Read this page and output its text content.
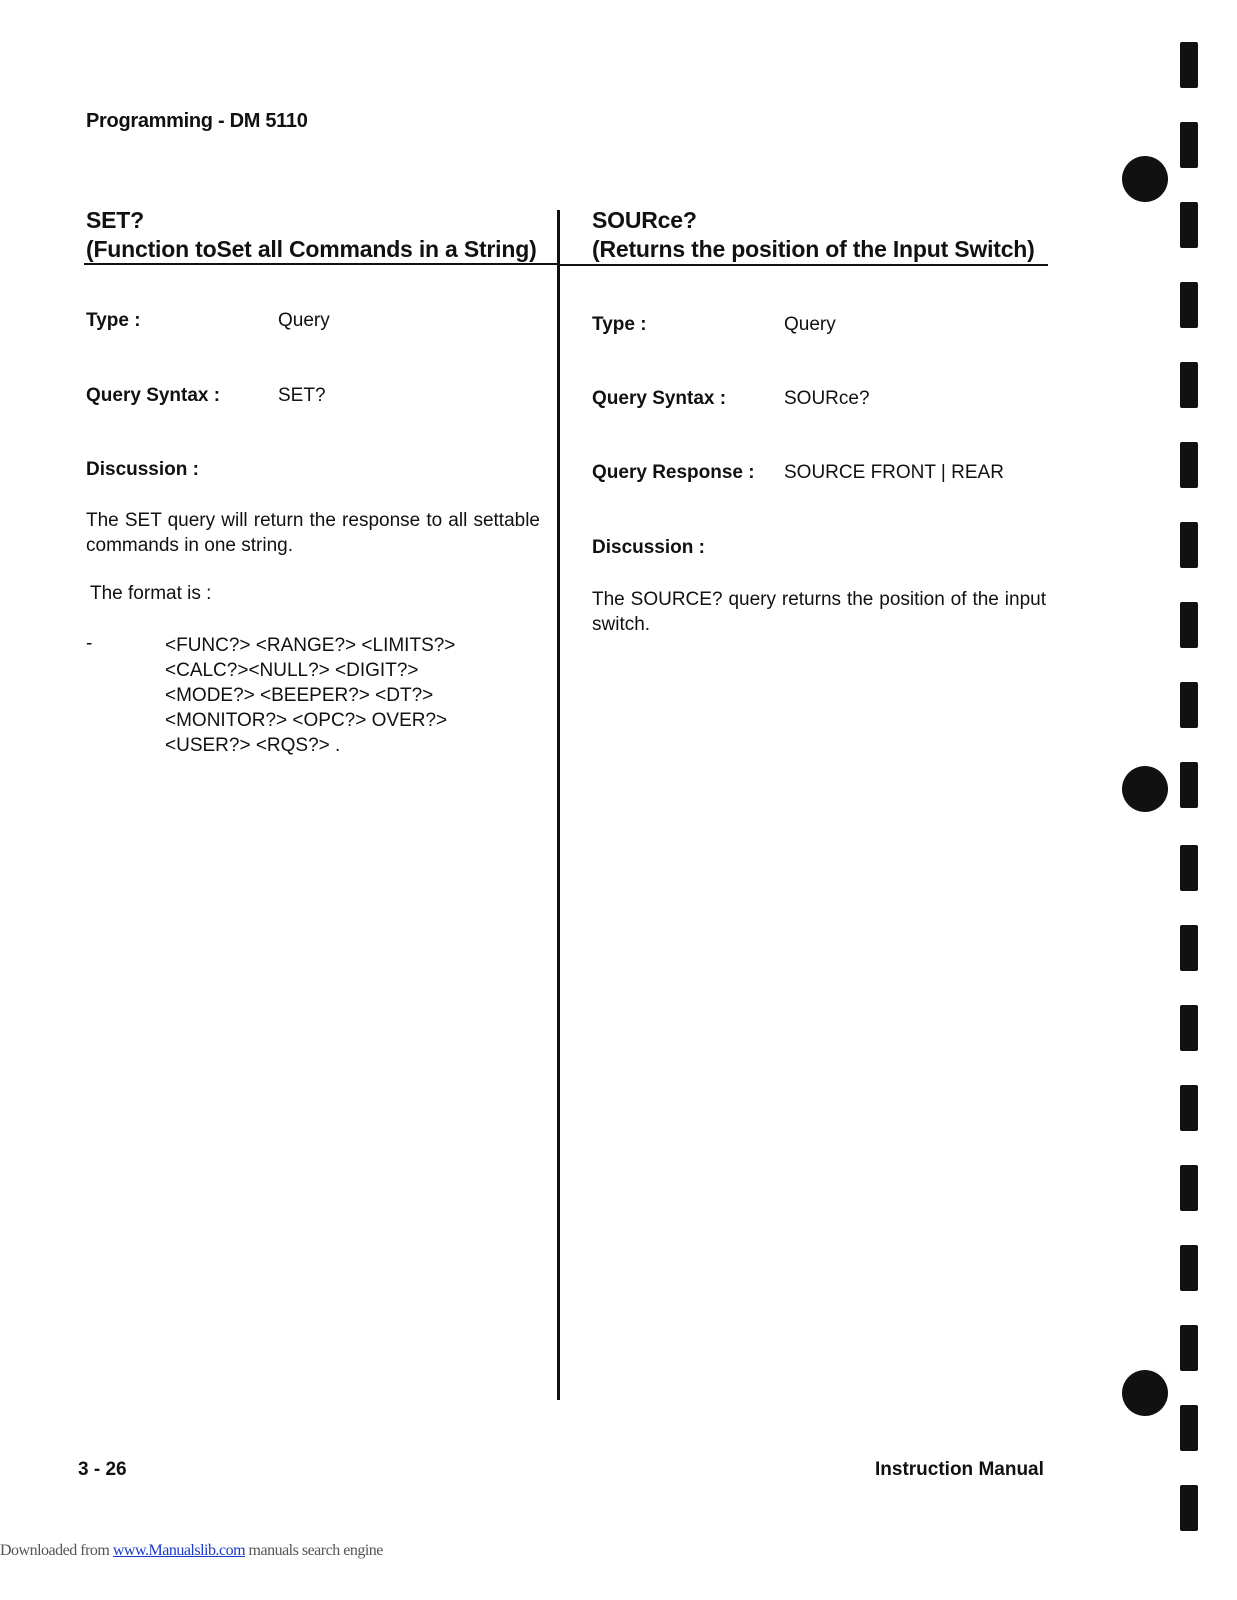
Programming - DM 5110
SET?
(Function toSet all Commands in a String)
Type :	Query
Query Syntax :	SET?
Discussion :
The SET query will return the response to all settable commands in one string.
The format is :
-	<FUNC?> <RANGE?> <LIMITS?>
<CALC?><NULL?> <DIGIT?>
<MODE?> <BEEPER?> <DT?>
<MONITOR?> <OPC?> OVER?>
<USER?> <RQS?> .
SOURce?
(Returns the position of the Input Switch)
Type :	Query
Query Syntax :	SOURce?
Query Response : SOURCE FRONT | REAR
Discussion :
The SOURCE? query returns the position of the input switch.
3 - 26	Instruction Manual
Downloaded from www.Manualslib.com manuals search engine
